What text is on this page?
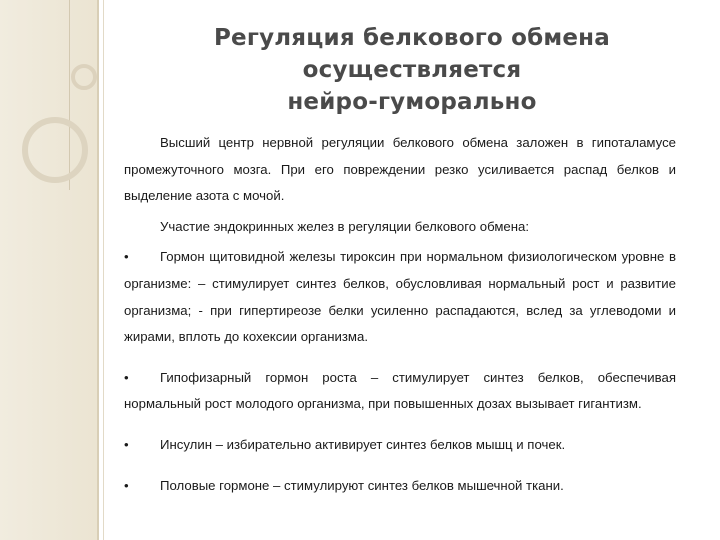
Регуляция белкового обмена осуществляется
нейро-гуморально

Высший центр нервной регуляции белкового обмена заложен в гипоталамусе промежуточного мозга. При его повреждении резко усиливается распад белков и выделение азота с мочой.

Участие эндокринных желез в регуляции белкового обмена:

• Гормон щитовидной железы тироксин при нормальном физиологическом уровне в организме: – стимулирует синтез белков, обусловливая нормальный рост и развитие организма; - при гипертиреозе белки усиленно распадаются, вслед за углеводоми и жирами, вплоть до кохексии организма.

• Гипофизарный гормон роста – стимулирует синтез белков, обеспечивая нормальный рост молодого организма, при повышенных дозах вызывает гигантизм.

• Инсулин – избирательно активирует синтез белков мышц и почек.

• Половые гормоне – стимулируют синтез белков мышечной ткани.
